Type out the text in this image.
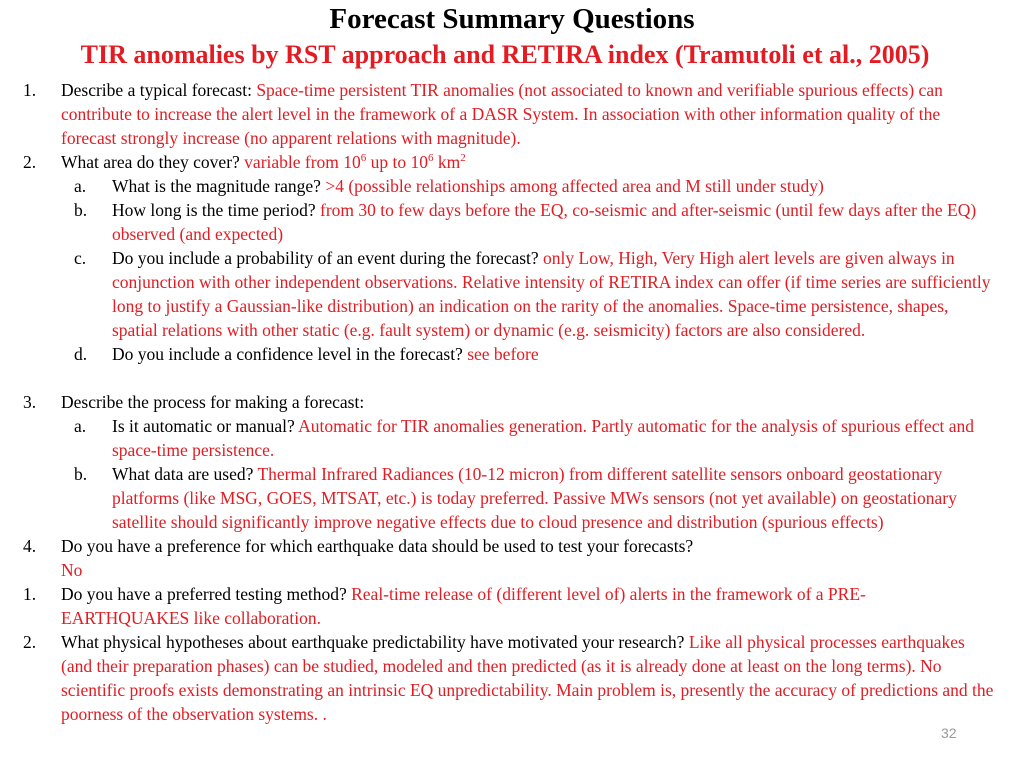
Forecast Summary Questions
TIR anomalies by RST approach and RETIRA index (Tramutoli et al., 2005)
1. Describe a typical forecast: Space-time persistent TIR anomalies (not associated to known and verifiable spurious effects) can contribute to increase the alert level in the framework of a DASR System. In association with other information quality of the forecast strongly increase (no apparent relations with magnitude).
2. What area do they cover? variable from $10^6$ up to $10^6$ $km^2$
a. What is the magnitude range? >4 (possible relationships among affected area and M still under study)
b. How long is the time period? from 30 to few days before the EQ, co-seismic and after-seismic (until few days after the EQ) observed (and expected)
c. Do you include a probability of an event during the forecast? only Low, High, Very High alert levels are given always in conjunction with other independent observations. Relative intensity of RETIRA index can offer (if time series are sufficiently long to justify a Gaussian-like distribution) an indication on the rarity of the anomalies. Space-time persistence, shapes, spatial relations with other static (e.g. fault system) or dynamic (e.g. seismicity) factors are also considered.
d. Do you include a confidence level in the forecast? see before
3. Describe the process for making a forecast:
a. Is it automatic or manual? Automatic for TIR anomalies generation. Partly automatic for the analysis of spurious effect and space-time persistence.
b. What data are used? Thermal Infrared Radiances (10-12 micron) from different satellite sensors onboard geostationary platforms (like MSG, GOES, MTSAT, etc.) is today preferred. Passive MWs sensors (not yet available) on geostationary satellite should significantly improve negative effects due to cloud presence and distribution (spurious effects)
4. Do you have a preference for which earthquake data should be used to test your forecasts?
No
1. Do you have a preferred testing method? Real-time release of (different level of) alerts in the framework of a PRE-EARTHQUAKES like collaboration.
2. What physical hypotheses about earthquake predictability have motivated your research? Like all physical processes earthquakes (and their preparation phases) can be studied, modeled and then predicted (as it is already done at least on the long terms). No scientific proofs exists demonstrating an intrinsic EQ unpredictability. Main problem is, presently the accuracy of predictions and the poorness of the observation systems. .
32
